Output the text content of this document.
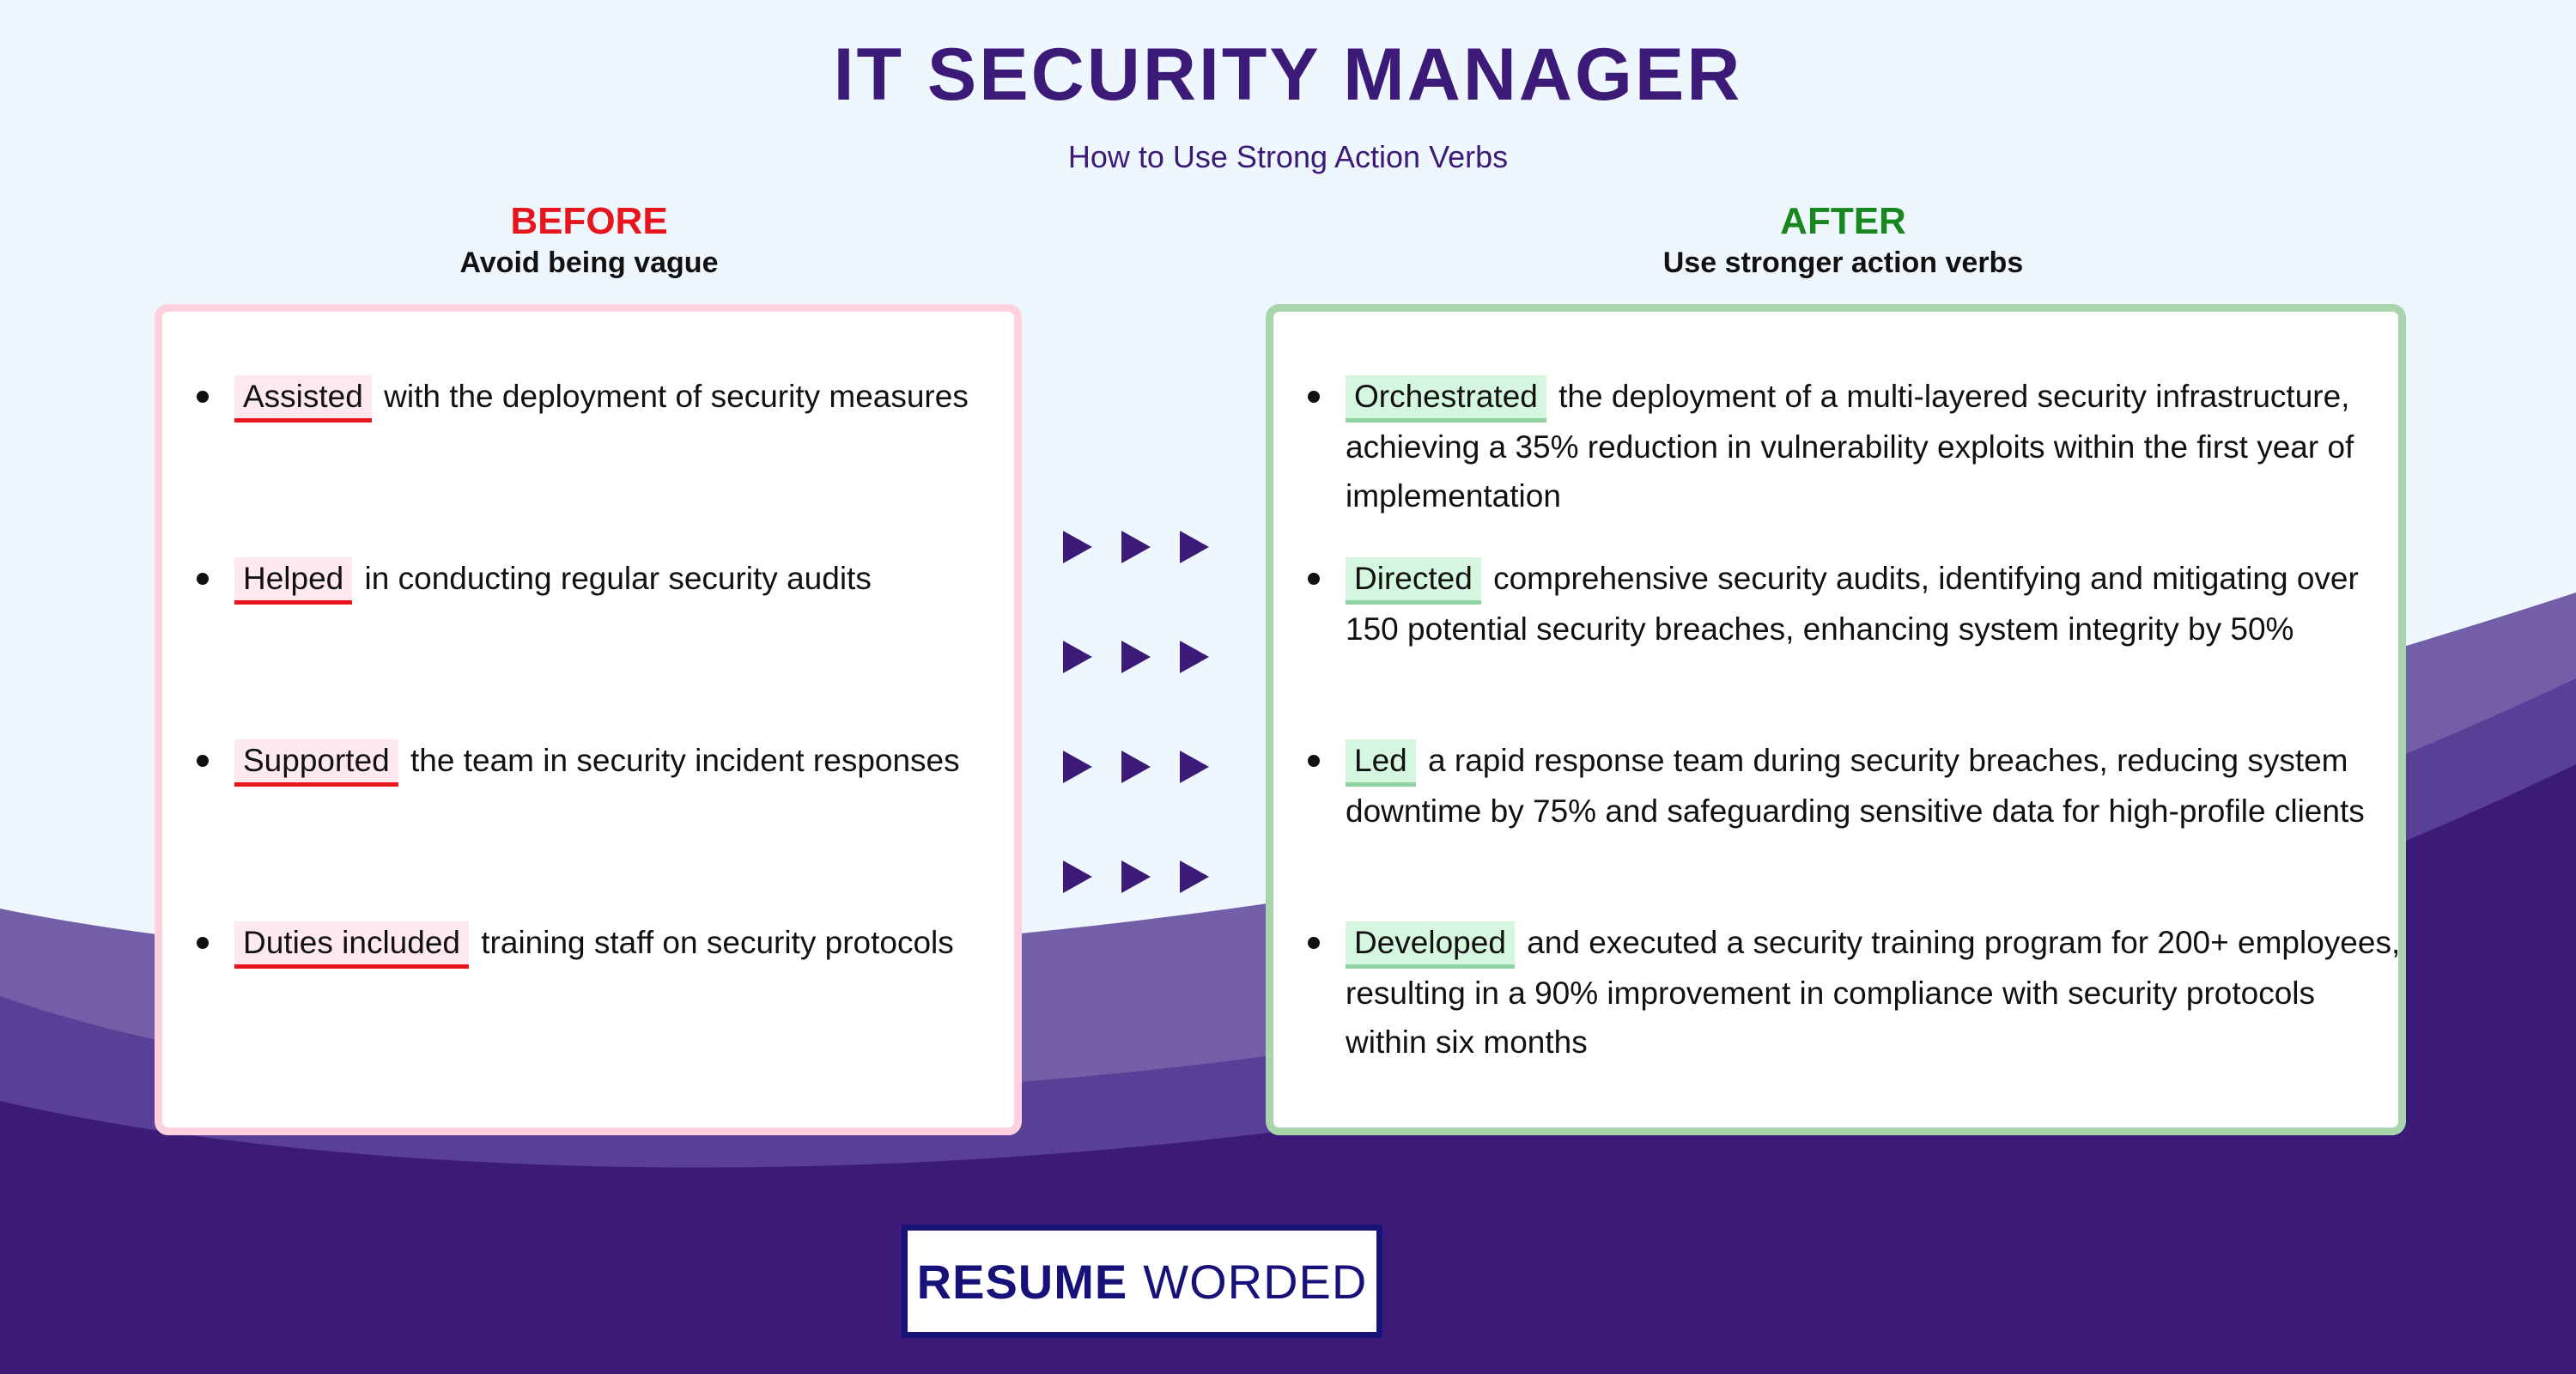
IT SECURITY MANAGER
How to Use Strong Action Verbs
BEFORE
Avoid being vague
AFTER
Use stronger action verbs
Assisted with the deployment of security measures
Helped in conducting regular security audits
Supported the team in security incident responses
Duties included training staff on security protocols
Orchestrated the deployment of a multi-layered security infrastructure, achieving a 35% reduction in vulnerability exploits within the first year of implementation
Directed comprehensive security audits, identifying and mitigating over 150 potential security breaches, enhancing system integrity by 50%
Led a rapid response team during security breaches, reducing system downtime by 75% and safeguarding sensitive data for high-profile clients
Developed and executed a security training program for 200+ employees, resulting in a 90% improvement in compliance with security protocols within six months
RESUME WORDED
